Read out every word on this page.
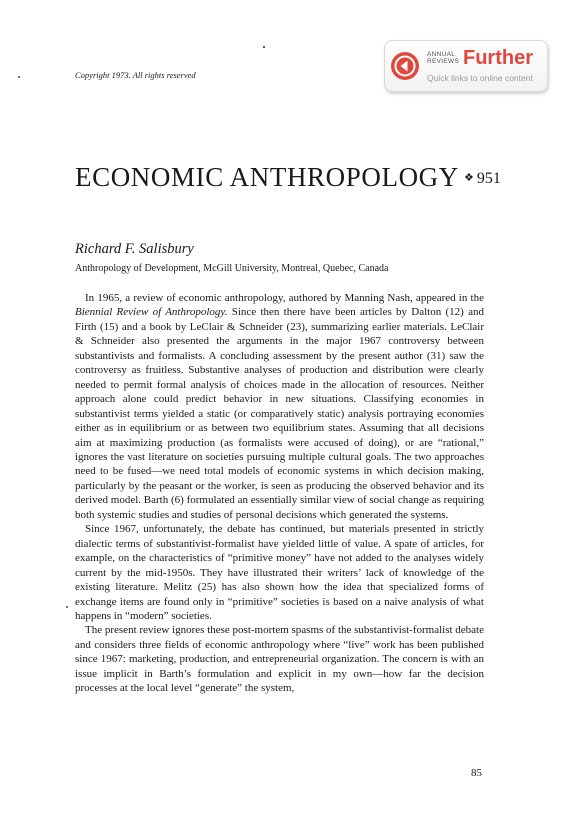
Copyright 1973. All rights reserved
ANNUAL
REVIEWS Further
Quick links to online content
ECONOMIC ANTHROPOLOGY ❖ 951
Richard F. Salisbury
Anthropology of Development, McGill University, Montreal, Quebec, Canada

In 1965, a review of economic anthropology, authored by Manning Nash, appeared in the Biennial Review of Anthropology. Since then there have been articles by Dalton (12) and Firth (15) and a book by LeClair & Schneider (23), summarizing earlier materials. LeClair & Schneider also presented the arguments in the major 1967 controversy between substantivists and formalists. A concluding assessment by the present author (31) saw the controversy as fruitless. Substantive analyses of production and distribution were clearly needed to permit formal analysis of choices made in the allocation of resources. Neither approach alone could predict behavior in new situations. Classifying economies in substantivist terms yielded a static (or comparatively static) analysis portraying economies either as in equilibrium or as between two equilibrium states. Assuming that all decisions aim at maximizing production (as formalists were accused of doing), or are “rational,” ignores the vast literature on societies pursuing multiple cultural goals. The two approaches need to be fused—we need total models of economic systems in which decision making, particularly by the peasant or the worker, is seen as producing the observed behavior and its derived model. Barth (6) formulated an essentially similar view of social change as requiring both systemic studies and studies of personal decisions which generated the systems.

Since 1967, unfortunately, the debate has continued, but materials presented in strictly dialectic terms of substantivist-formalist have yielded little of value. A spate of articles, for example, on the characteristics of “primitive money” have not added to the analyses widely current by the mid-1950s. They have illustrated their writers’ lack of knowledge of the existing literature. Melitz (25) has also shown how the idea that specialized forms of exchange items are found only in “primitive” societies is based on a naive analysis of what happens in “modern” societies.

The present review ignores these post-mortem spasms of the substantivist-formalist debate and considers three fields of economic anthropology where “live” work has been published since 1967: marketing, production, and entrepreneurial organization. The concern is with an issue implicit in Barth’s formulation and explicit in my own—how far the decision processes at the local level “generate” the system,

85
